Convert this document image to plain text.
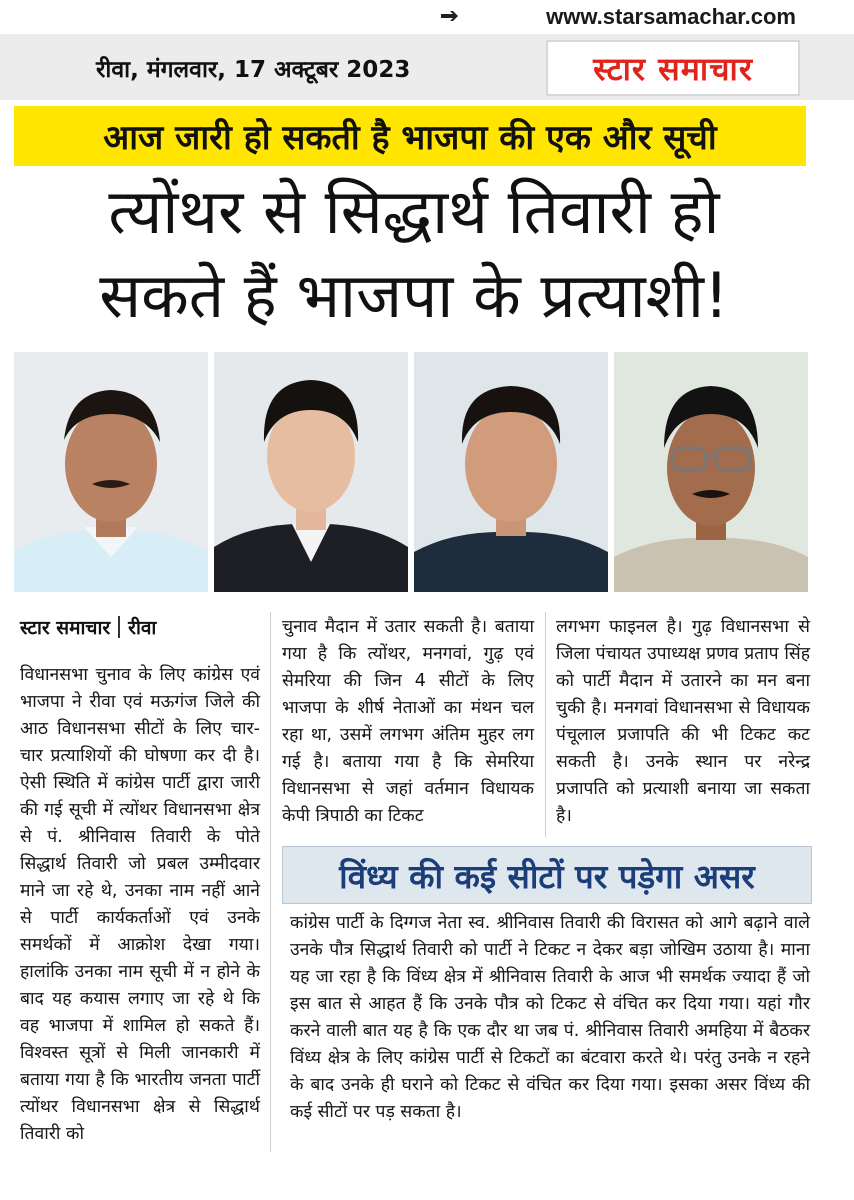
www.starsamachar.com
रीवा, मंगलवार, 17 अक्टूबर 2023	स्टार समाचार
आज जारी हो सकती है भाजपा की एक और सूची
त्योंथर से सिद्धार्थ तिवारी हो
सकते हैं भाजपा के प्रत्याशी!
स्टार समाचार रीवा

विधानसभा चुनाव के लिए कांग्रेस एवं भाजपा ने रीवा एवं मऊगंज जिले की आठ विधानसभा सीटों के लिए चार-चार प्रत्याशियों की घोषणा कर दी है। ऐसी स्थिति में कांग्रेस पार्टी द्वारा जारी की गई सूची में त्योंथर विधानसभा क्षेत्र से पं. श्रीनिवास तिवारी के पोते सिद्धार्थ तिवारी जो प्रबल उम्मीदवार माने जा रहे थे, उनका नाम नहीं आने से पार्टी कार्यकर्ताओं एवं उनके समर्थकों में आक्रोश देखा गया। हालांकि उनका नाम सूची में न होने के बाद यह कयास लगाए जा रहे थे कि वह भाजपा में शामिल हो सकते हैं। विश्वस्त सूत्रों से मिली जानकारी में बताया गया है कि भारतीय जनता पार्टी त्योंथर विधानसभा क्षेत्र से सिद्धार्थ तिवारी को

चुनाव मैदान में उतार सकती है। बताया गया है कि त्योंथर, मनगवां, गुढ़ एवं सेमरिया की जिन 4 सीटों के लिए भाजपा के शीर्ष नेताओं का मंथन चल रहा था, उसमें लगभग अंतिम मुहर लग गई है। बताया गया है कि सेमरिया विधानसभा से जहां वर्तमान विधायक केपी त्रिपाठी का टिकट

लगभग फाइनल है। गुढ़ विधानसभा से जिला पंचायत उपाध्यक्ष प्रणव प्रताप सिंह को पार्टी मैदान में उतारने का मन बना चुकी है। मनगवां विधानसभा से विधायक पंचूलाल प्रजापति की भी टिकट कट सकती है। उनके स्थान पर नरेन्द्र प्रजापति को प्रत्याशी बनाया जा सकता है।

विंध्य की कई सीटों पर पड़ेगा असर
कांग्रेस पार्टी के दिग्गज नेता स्व. श्रीनिवास तिवारी की विरासत को आगे बढ़ाने वाले उनके पौत्र सिद्धार्थ तिवारी को पार्टी ने टिकट न देकर बड़ा जोखिम उठाया है। माना यह जा रहा है कि विंध्य क्षेत्र में श्रीनिवास तिवारी के आज भी समर्थक ज्यादा हैं जो इस बात से आहत हैं कि उनके पौत्र को टिकट से वंचित कर दिया गया। यहां गौर करने वाली बात यह है कि एक दौर था जब पं. श्रीनिवास तिवारी अमहिया में बैठकर विंध्य क्षेत्र के लिए कांग्रेस पार्टी से टिकटों का बंटवारा करते थे। परंतु उनके न रहने के बाद उनके ही घराने को टिकट से वंचित कर दिया गया। इसका असर विंध्य की कई सीटों पर पड़ सकता है।
